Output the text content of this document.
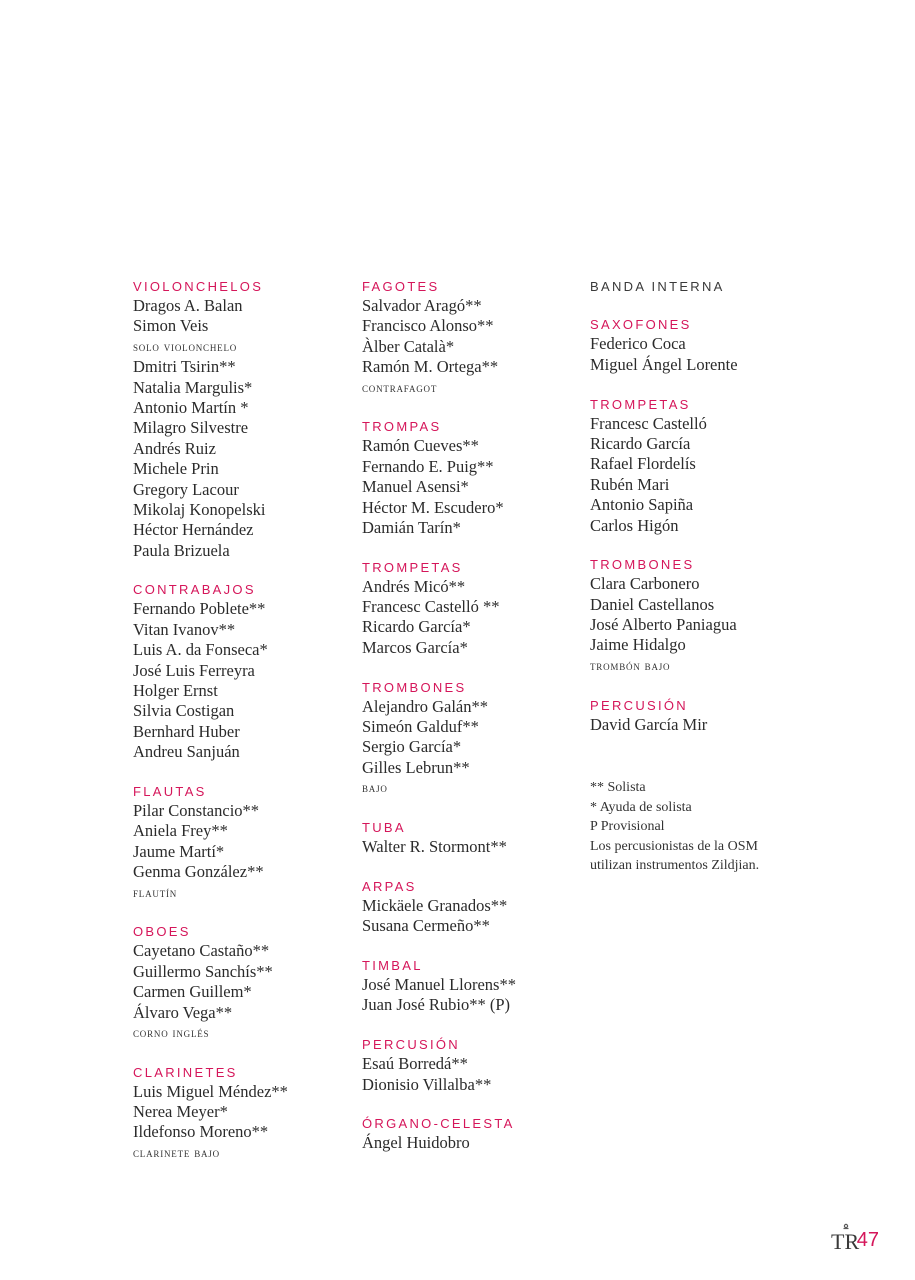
VIOLONCHELOS
Dragos A. Balan
Simon Veis
solo violonchelo
Dmitri Tsirin**
Natalia Margulis*
Antonio Martín *
Milagro Silvestre
Andrés Ruiz
Michele Prin
Gregory Lacour
Mikolaj Konopelski
Héctor Hernández
Paula Brizuela
CONTRABAJOS
Fernando Poblete**
Vitan Ivanov**
Luis A. da Fonseca*
José Luis Ferreyra
Holger Ernst
Silvia Costigan
Bernhard Huber
Andreu Sanjuán
FLAUTAS
Pilar Constancio**
Aniela Frey**
Jaume Martí*
Genma González**
flautín
OBOES
Cayetano Castaño**
Guillermo Sanchís**
Carmen Guillem*
Álvaro Vega**
corno inglés
CLARINETES
Luis Miguel Méndez**
Nerea Meyer*
Ildefonso Moreno**
clarinete bajo
FAGOTES
Salvador Aragó**
Francisco Alonso**
Àlber Català*
Ramón M. Ortega**
contrafagot
TROMPAS
Ramón Cueves**
Fernando E. Puig**
Manuel Asensi*
Héctor M. Escudero*
Damián Tarín*
TROMPETAS
Andrés Micó**
Francesc Castelló **
Ricardo García*
Marcos García*
TROMBONES
Alejandro Galán**
Simeón Galduf**
Sergio García*
Gilles Lebrun**
bajo
TUBA
Walter R. Stormont**
ARPAS
Mickäele Granados**
Susana Cermeño**
TIMBAL
José Manuel Llorens**
Juan José Rubio** (P)
PERCUSIÓN
Esaú Borredá**
Dionisio Villalba**
ÓRGANO-CELESTA
Ángel Huidobro
BANDA INTERNA
SAXOFONES
Federico Coca
Miguel Ángel Lorente
TROMPETAS
Francesc Castelló
Ricardo García
Rafael Flordelís
Rubén Mari
Antonio Sapiña
Carlos Higón
TROMBONES
Clara Carbonero
Daniel Castellanos
José Alberto Paniagua
Jaime Hidalgo
trombón bajo
PERCUSIÓN
David García Mir
** Solista
* Ayuda de solista
P Provisional
Los percusionistas de la OSM
utilizan instrumentos Zildjian.
TR
47
